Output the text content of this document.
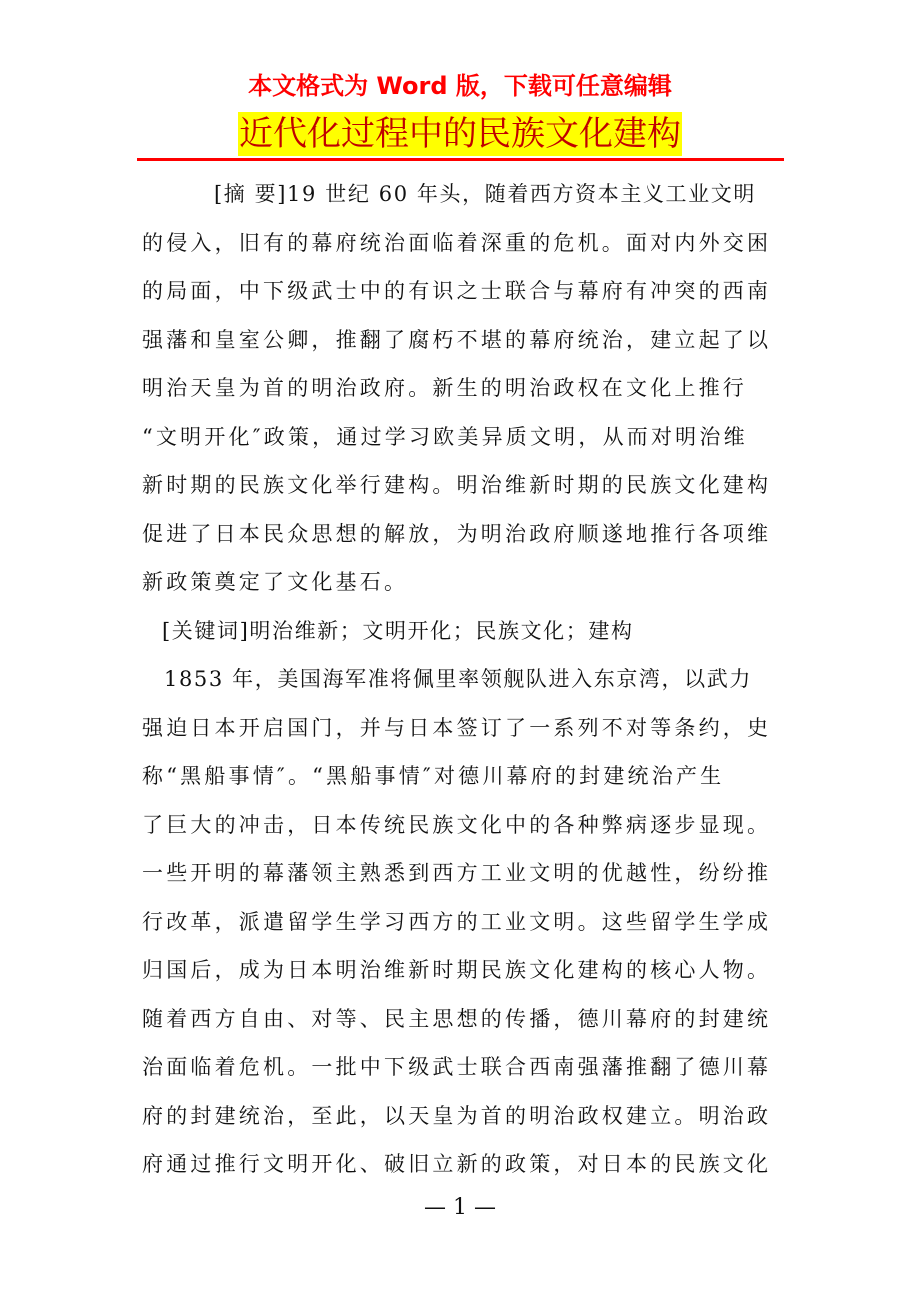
本文格式为 Word 版，下载可任意编辑
近代化过程中的民族文化建构

[摘 要]19 世纪 60 年头，随着西方资本主义工业文明
的侵入，旧有的幕府统治面临着深重的危机。面对内外交困
的局面，中下级武士中的有识之士联合与幕府有冲突的西南
强藩和皇室公卿，推翻了腐朽不堪的幕府统治，建立起了以
明治天皇为首的明治政府。新生的明治政权在文化上推行
“文明开化″政策，通过学习欧美异质文明，从而对明治维
新时期的民族文化举行建构。明治维新时期的民族文化建构
促进了日本民众思想的解放，为明治政府顺遂地推行各项维
新政策奠定了文化基石。

[关键词]明治维新；文明开化；民族文化；建构

1853 年，美国海军准将佩里率领舰队进入东京湾，以武力
强迫日本开启国门，并与日本签订了一系列不对等条约，史
称“黑船事情″。“黑船事情″对德川幕府的封建统治产生
了巨大的冲击，日本传统民族文化中的各种弊病逐步显现。
一些开明的幕藩领主熟悉到西方工业文明的优越性，纷纷推
行改革，派遣留学生学习西方的工业文明。这些留学生学成
归国后，成为日本明治维新时期民族文化建构的核心人物。
随着西方自由、对等、民主思想的传播，德川幕府的封建统
治面临着危机。一批中下级武士联合西南强藩推翻了德川幕
府的封建统治，至此，以天皇为首的明治政权建立。明治政
府通过推行文明开化、破旧立新的政策，对日本的民族文化

— 1 —
